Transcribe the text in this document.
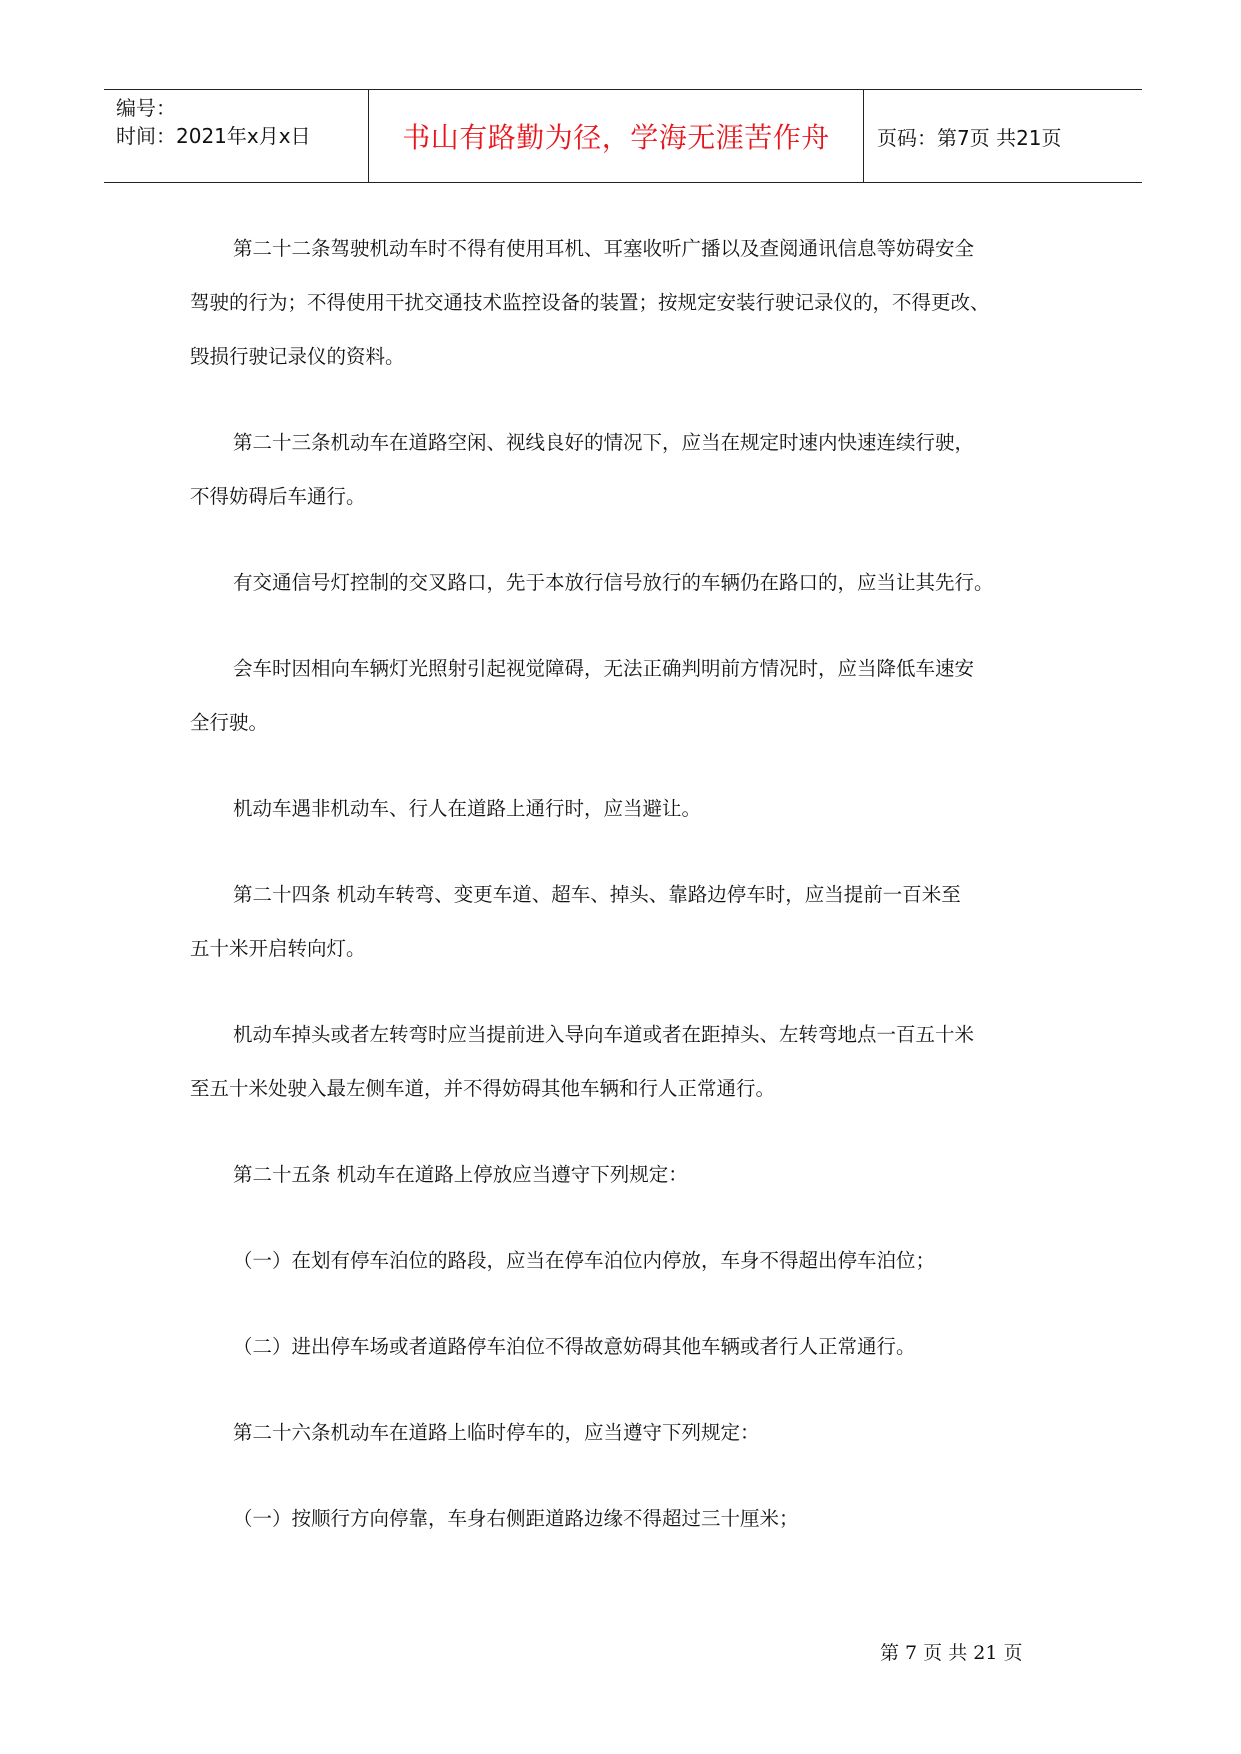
编号：
时间：2021年x月x日	书山有路勤为径，学海无涯苦作舟 页码：第7页 共21页

第二十二条驾驶机动车时不得有使用耳机、耳塞收听广播以及查阅通讯信息等妨碍安全
驾驶的行为；不得使用干扰交通技术监控设备的装置；按规定安装行驶记录仪的，不得更改、
毁损行驶记录仪的资料。

第二十三条机动车在道路空闲、视线良好的情况下，应当在规定时速内快速连续行驶，
不得妨碍后车通行。

有交通信号灯控制的交叉路口，先于本放行信号放行的车辆仍在路口的，应当让其先行。

会车时因相向车辆灯光照射引起视觉障碍，无法正确判明前方情况时，应当降低车速安
全行驶。

机动车遇非机动车、行人在道路上通行时，应当避让。

第二十四条 机动车转弯、变更车道、超车、掉头、靠路边停车时，应当提前一百米至
五十米开启转向灯。

机动车掉头或者左转弯时应当提前进入导向车道或者在距掉头、左转弯地点一百五十米
至五十米处驶入最左侧车道，并不得妨碍其他车辆和行人正常通行。

第二十五条 机动车在道路上停放应当遵守下列规定：

（一）在划有停车泊位的路段，应当在停车泊位内停放，车身不得超出停车泊位；

（二）进出停车场或者道路停车泊位不得故意妨碍其他车辆或者行人正常通行。

第二十六条机动车在道路上临时停车的，应当遵守下列规定：

（一）按顺行方向停靠，车身右侧距道路边缘不得超过三十厘米；

第 7 页 共 21 页
